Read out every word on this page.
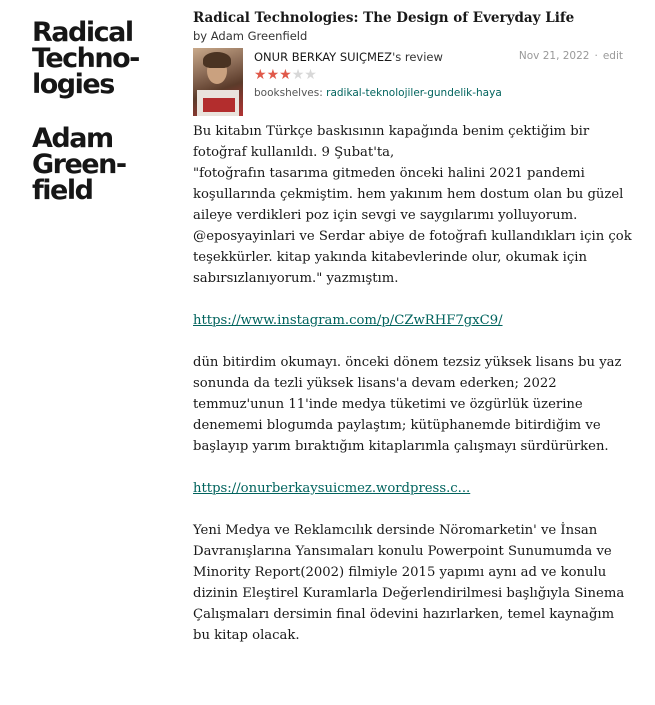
Radical
Techno-
logies
Adam
Green-
field
Radical Technologies: The Design of Everyday Life
by Adam Greenfield
ONUR BERKAY SUIÇMEZ's review	Nov 21, 2022 · edit
★★★★★
bookshelves: radikal-teknolojiler-gundelik-haya

Bu kitabın Türkçe baskısının kapağında benim çektiğim bir fotoğraf kullanıldı. 9 Şubat'ta,

"fotoğrafın tasarıma gitmeden önceki halini 2021 pandemi koşullarında çekmiştim. hem yakınım hem dostum olan bu güzel aileye verdikleri poz için sevgi ve saygılarımı yolluyorum. @eposyayinlari ve Serdar abiye de fotoğrafı kullandıkları için çok teşekkürler. kitap yakında kitabevlerinde olur, okumak için sabırsızlanıyorum." yazmıştım.

https://www.instagram.com/p/CZwRHF7gxC9/

dün bitirdim okumayı. önceki dönem tezsiz yüksek lisans bu yaz sonunda da tezli yüksek lisans'a devam ederken; 2022 temmuz'unun 11'inde medya tüketimi ve özgürlük üzerine denememi blogumda paylaştım; kütüphanemde bitirdiğim ve başlayıp yarım bıraktığım kitaplarımla çalışmayı sürdürürken.

https://onurberkaysuicmez.wordpress.c...

Yeni Medya ve Reklamcılık dersinde Nöromarketin' ve İnsan Davranışlarına Yansımaları konulu Powerpoint Sunumumda ve Minority Report(2002) filmiyle 2015 yapımı aynı ad ve konulu dizinin Eleştirel Kuramlarla Değerlendirilmesi başlığıyla Sinema Çalışmaları dersimin final ödevini hazırlarken, temel kaynağım bu kitap olacak.
